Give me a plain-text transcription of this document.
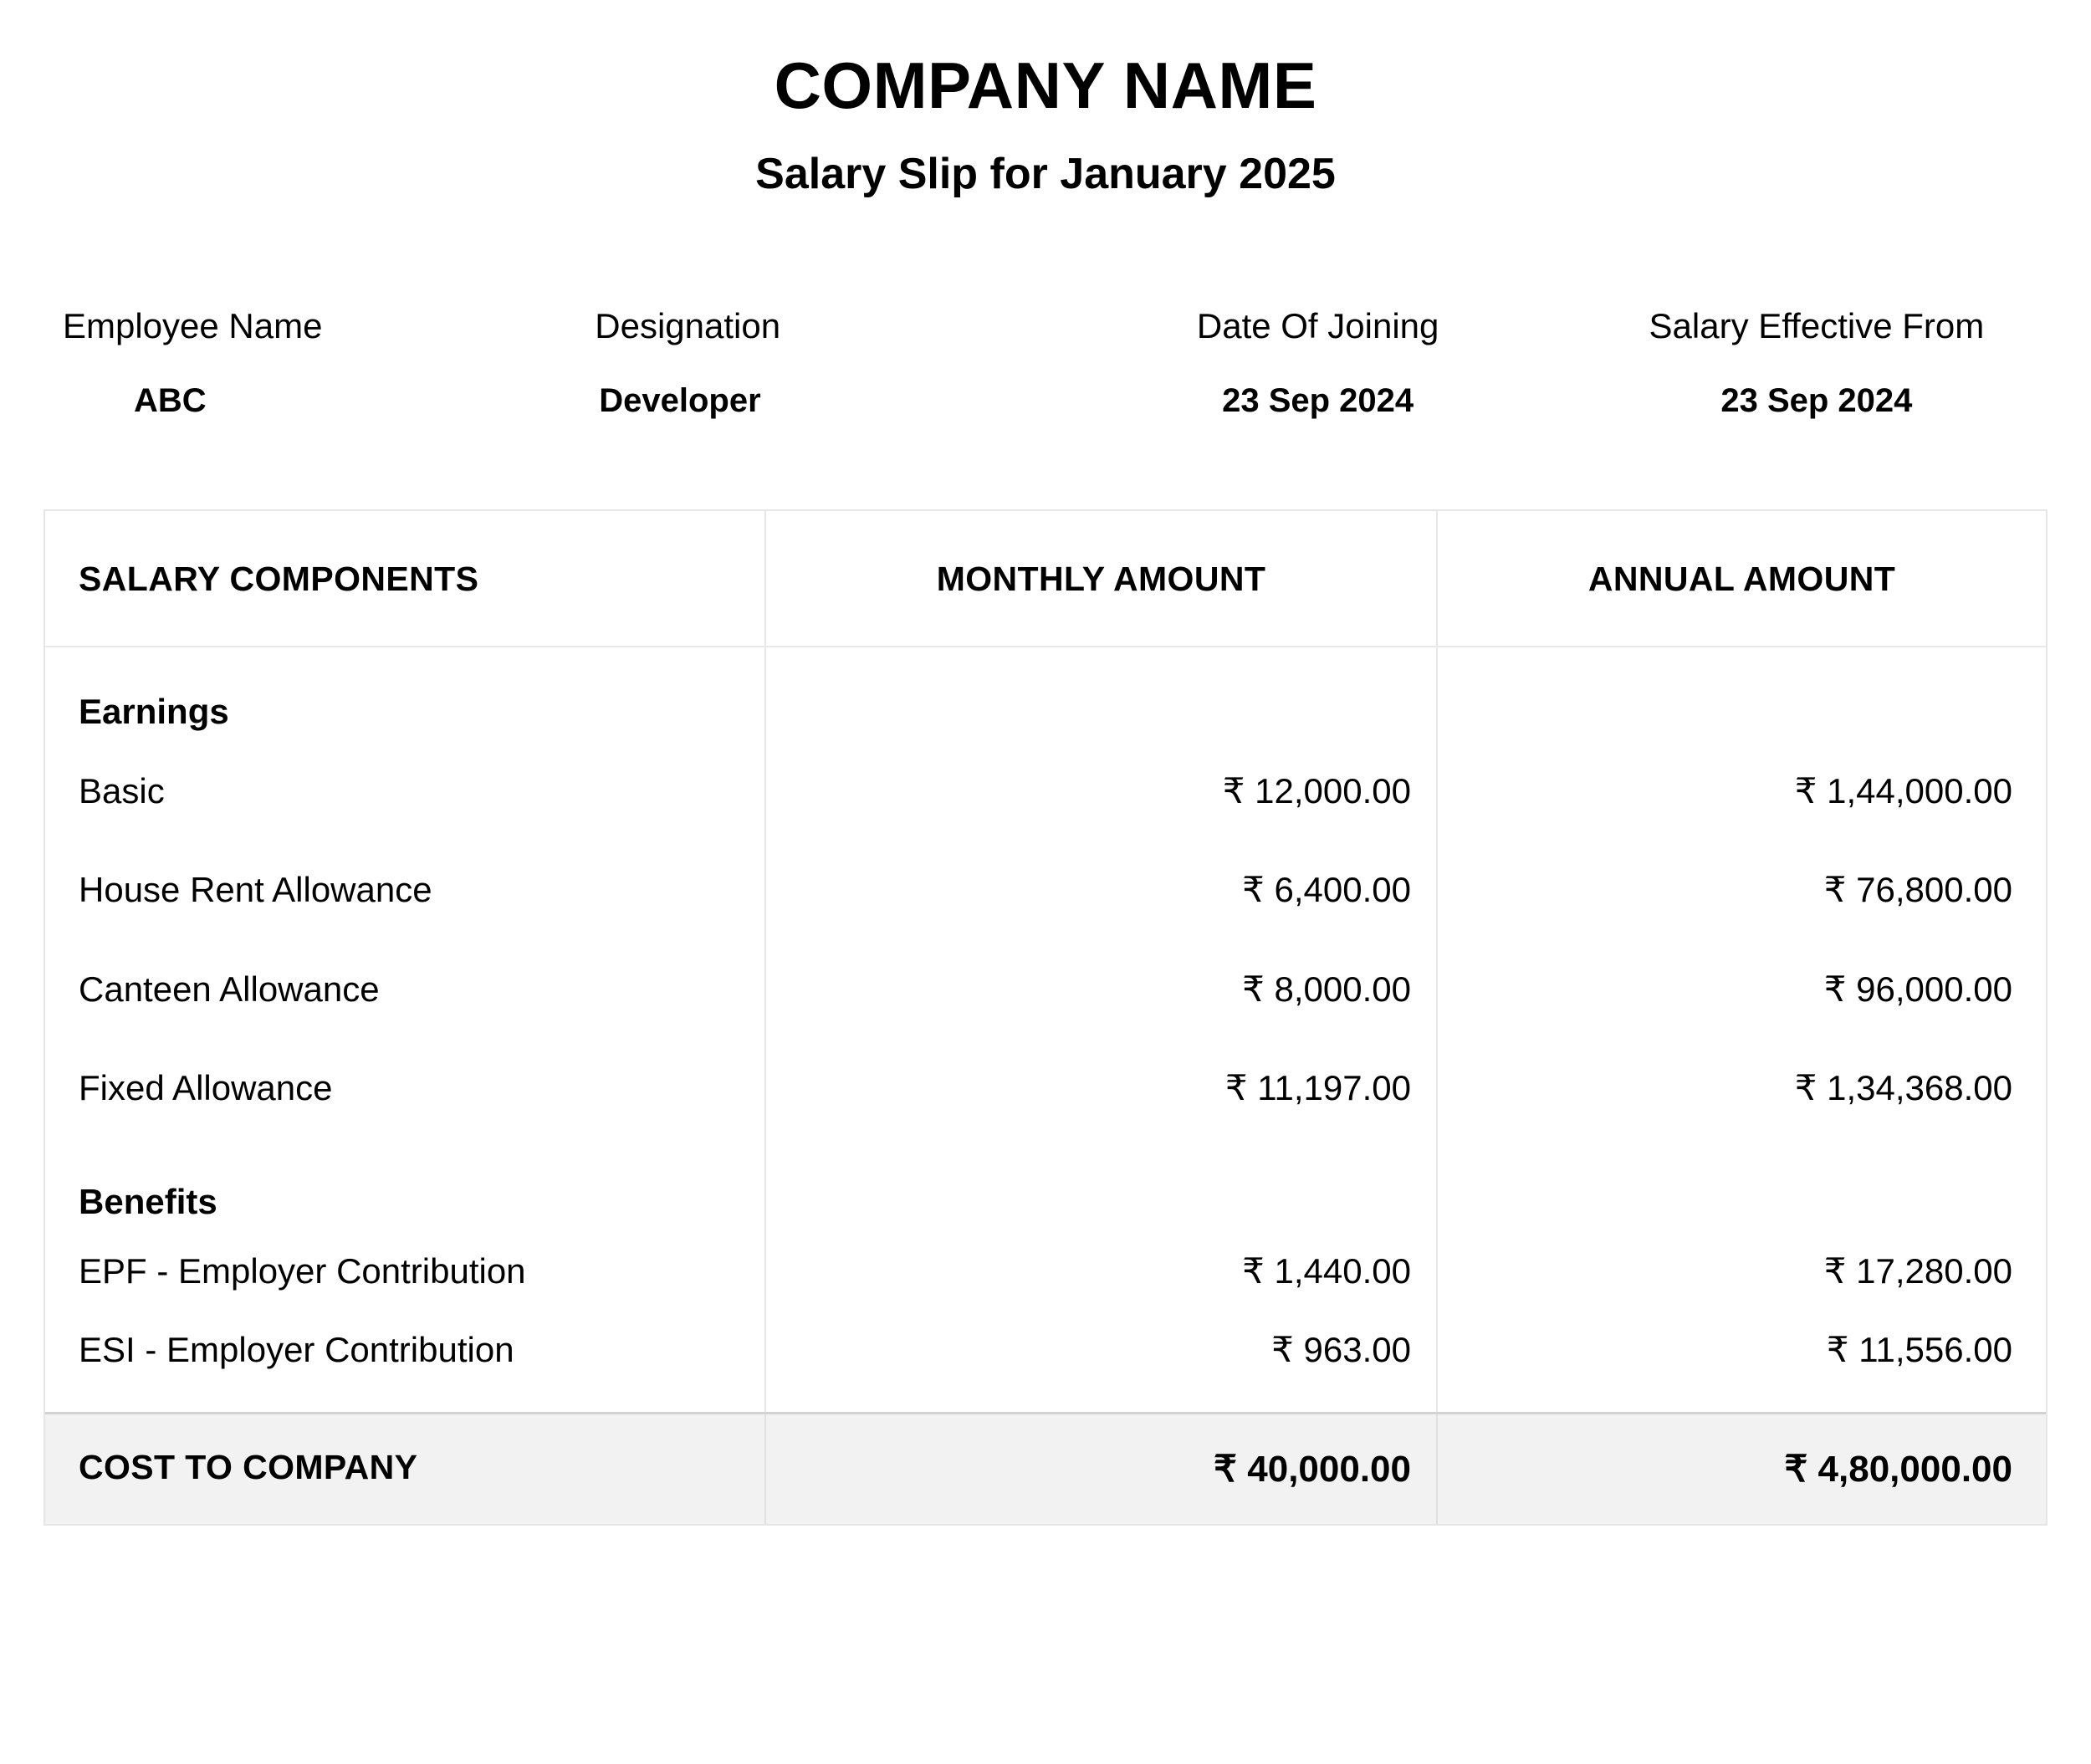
COMPANY NAME
Salary Slip for January 2025
Employee Name
ABC
Designation
Developer
Date Of Joining
23 Sep 2024
Salary Effective From
23 Sep 2024
SALARY COMPONENTS	MONTHLY AMOUNT	ANNUAL AMOUNT
Earnings
Basic	₹ 12,000.00	₹ 1,44,000.00
House Rent Allowance	₹ 6,400.00	₹ 76,800.00
Canteen Allowance	₹ 8,000.00	₹ 96,000.00
Fixed Allowance	₹ 11,197.00	₹ 1,34,368.00
Benefits
EPF - Employer Contribution	₹ 1,440.00	₹ 17,280.00
ESI - Employer Contribution	₹ 963.00	₹ 11,556.00
COST TO COMPANY	₹ 40,000.00	₹ 4,80,000.00
